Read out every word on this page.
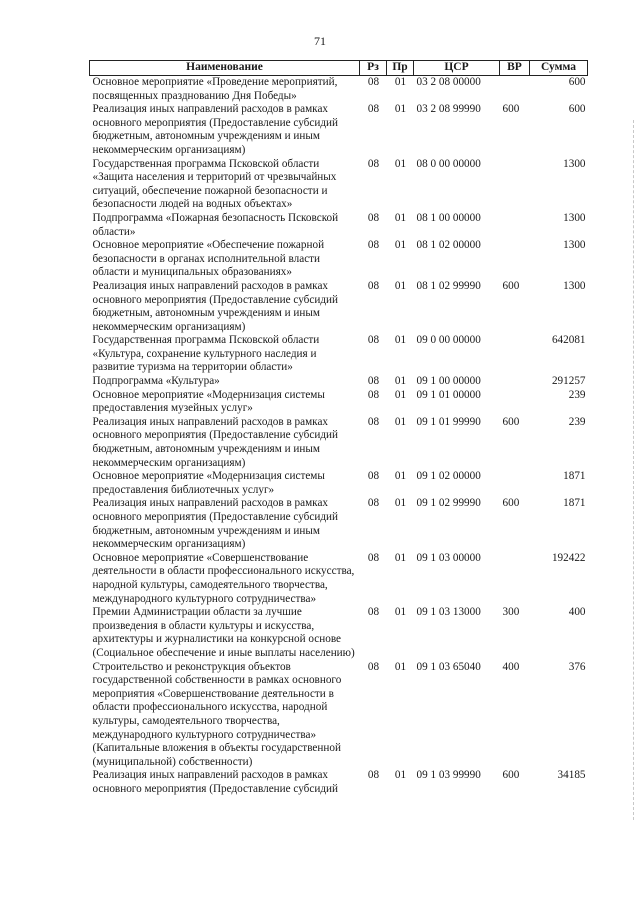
71
Наименование	Рз	Пр	ЦСР	ВР	Сумма
Основное мероприятие «Проведение мероприятий, посвященных празднованию Дня Победы»	08	01	03 2 08 00000		600
Реализация иных направлений расходов в рамках основного мероприятия (Предоставление субсидий бюджетным, автономным учреждениям и иным некоммерческим организациям)	08	01	03 2 08 99990	600	600
Государственная программа Псковской области «Защита населения и территорий от чрезвычайных ситуаций, обеспечение пожарной безопасности и безопасности людей на водных объектах»	08	01	08 0 00 00000		1300
Подпрограмма «Пожарная безопасность Псковской области»	08	01	08 1 00 00000		1300
Основное мероприятие «Обеспечение пожарной безопасности в органах исполнительной власти области и муниципальных образованиях»	08	01	08 1 02 00000		1300
Реализация иных направлений расходов в рамках основного мероприятия (Предоставление субсидий бюджетным, автономным учреждениям и иным некоммерческим организациям)	08	01	08 1 02 99990	600	1300
Государственная программа Псковской области «Культура, сохранение культурного наследия и развитие туризма на территории области»	08	01	09 0 00 00000		642081
Подпрограмма «Культура»	08	01	09 1 00 00000		291257
Основное мероприятие «Модернизация системы предоставления музейных услуг»	08	01	09 1 01 00000		239
Реализация иных направлений расходов в рамках основного мероприятия (Предоставление субсидий бюджетным, автономным учреждениям и иным некоммерческим организациям)	08	01	09 1 01 99990	600	239
Основное мероприятие «Модернизация системы предоставления библиотечных услуг»	08	01	09 1 02 00000		1871
Реализация иных направлений расходов в рамках основного мероприятия (Предоставление субсидий бюджетным, автономным учреждениям и иным некоммерческим организациям)	08	01	09 1 02 99990	600	1871
Основное мероприятие «Совершенствование деятельности в области профессионального искусства, народной культуры, самодеятельного творчества, международного культурного сотрудничества»	08	01	09 1 03 00000		192422
Премии Администрации области за лучшие произведения в области культуры и искусства, архитектуры и журналистики на конкурсной основе (Социальное обеспечение и иные выплаты населению)	08	01	09 1 03 13000	300	400
Строительство и реконструкция объектов государственной собственности в рамках основного мероприятия «Совершенствование деятельности в области профессионального искусства, народной культуры, самодеятельного творчества, международного культурного сотрудничества» (Капитальные вложения в объекты государственной (муниципальной) собственности)	08	01	09 1 03 65040	400	376
Реализация иных направлений расходов в рамках основного мероприятия (Предоставление субсидий	08	01	09 1 03 99990	600	34185
